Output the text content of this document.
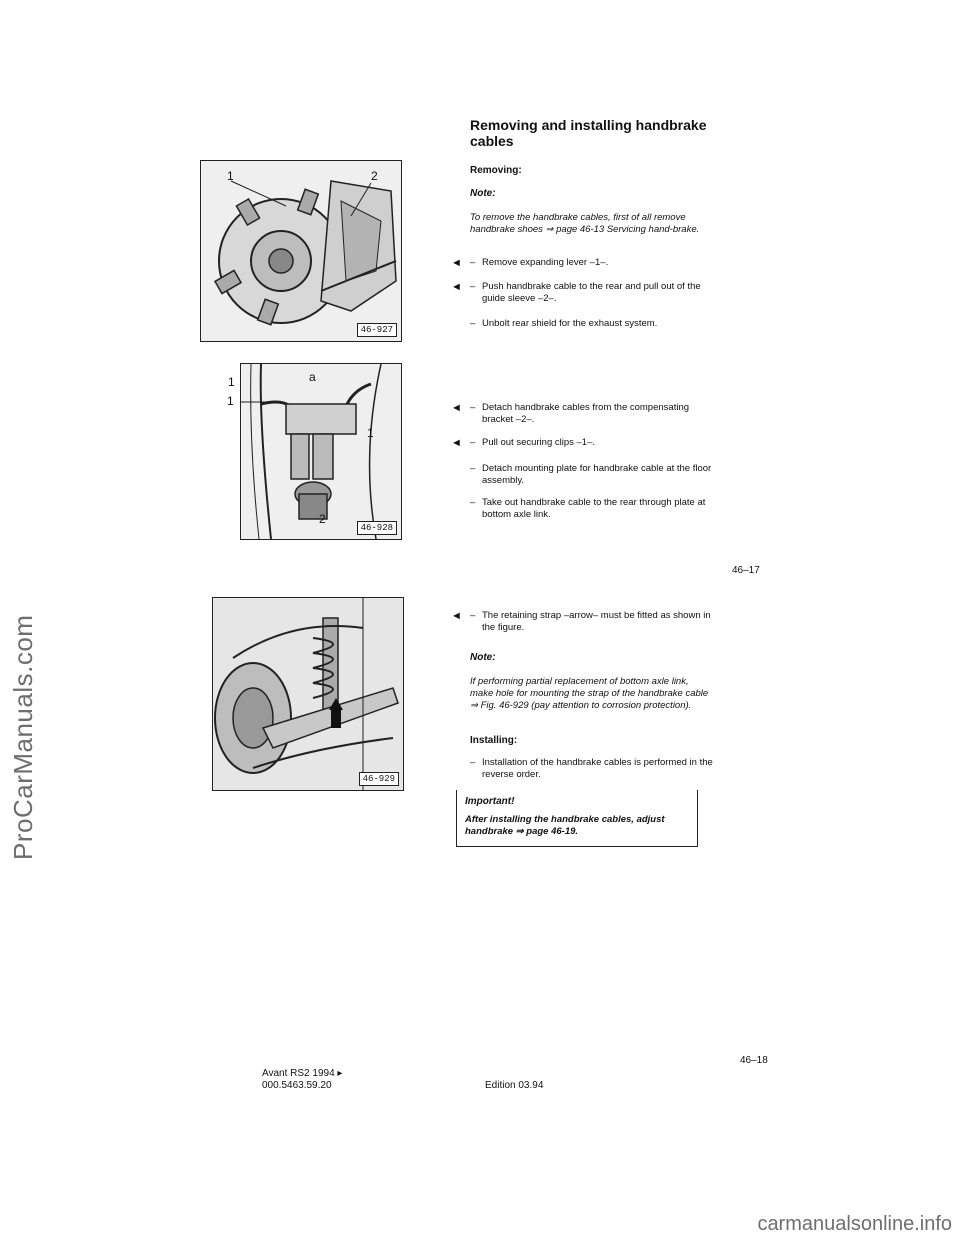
ProCarManuals.com
carmanualsonline.info
1	2
46-927
a
1
1
2
46-928
1
46-929
Removing and installing handbrake cables
Removing:
Note:
To remove the handbrake cables, first of all remove handbrake shoes ⇒ page 46-13 Servicing hand-brake.
◄ – Remove expanding lever –1–.
◄ – Push handbrake cable to the rear and pull out of the guide sleeve –2–.
– Unbolt rear shield for the exhaust system.
◄ – Detach handbrake cables from the compensating bracket –2–.
◄ – Pull out securing clips –1–.
– Detach mounting plate for handbrake cable at the floor assembly.
– Take out handbrake cable to the rear through plate at bottom axle link.
46–17
◄ – The retaining strap –arrow– must be fitted as shown in the figure.
Note:
If performing partial replacement of bottom axle link, make hole for mounting the strap of the handbrake cable ⇒ Fig. 46-929 (pay attention to corrosion protection).
Installing:
– Installation of the handbrake cables is performed in the reverse order.
Important!
After installing the handbrake cables, adjust handbrake ⇒ page 46-19.
46–18
Avant RS2 1994 ▸
000.5463.59.20	Edition 03.94
